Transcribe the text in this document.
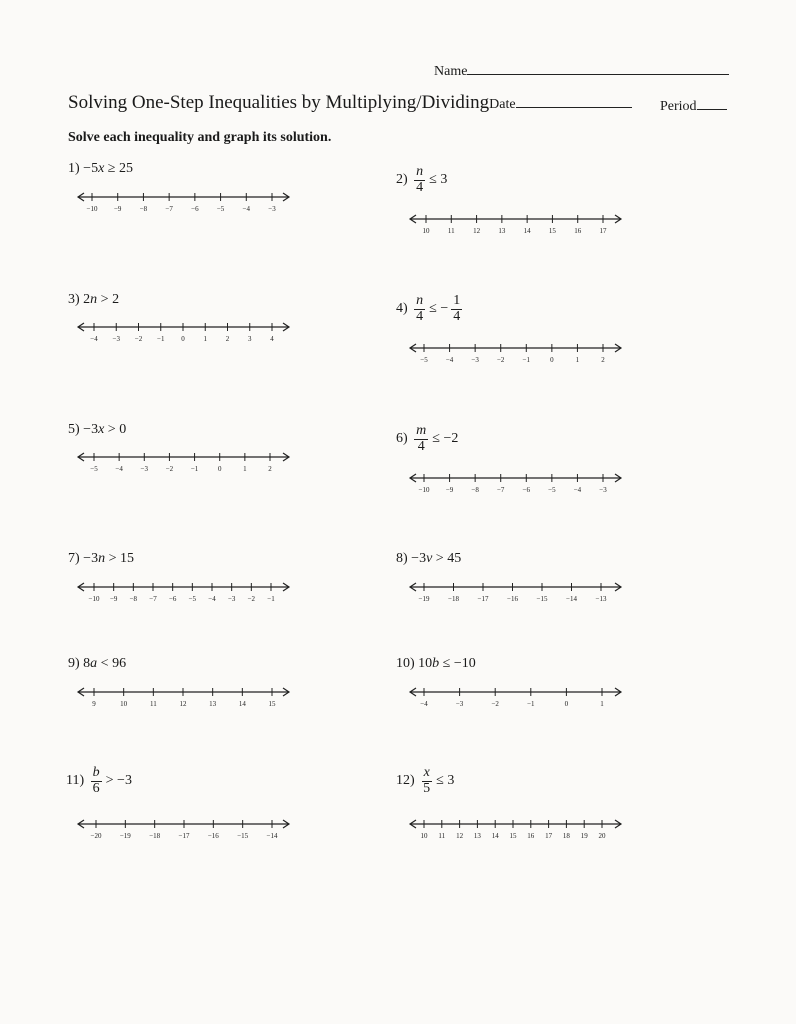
Name
Solving One-Step Inequalities by Multiplying/DividingDate	Period
Solve each inequality and graph its solution.
1) −5x ≥ 25
$2) \frac{n}{4} \le 3$
3) 2n > 2
$4) \frac{n}{4}$ ≤ − $\frac{1}{4}$
5) −3x > 0
$6) \frac{m}{4} \le -2$
7) −3n > 15	8) −3v > 45
9) 8a < 96	10) 10b ≤ −10
$11) \frac{b}{6} > -3$	$12) \frac{x}{5} \le 3$
−10 −9	−8	−7	−6	−5	−4	−3
10	11	12	13	14	15	16	17
−4 −3 −2 −1 0	1	2	3	4
−5	−4	−3	−2	−1	0	1	2
−5	−4	−3	−2	−1	0	1	2
−10 −9	−8	−7	−6	−5	−4	−3
−10 −9 −8 −7 −6 −5 −4 −3 −2 −1	−19	−18	−17	−16	−15	−14	−13
9	10	11	12	13	14	15	−4	−3	−2	−1	0	1
−20	−19	−18	−17	−16	−15	−14	10 11 12 13 14 15 16 17 18 19 20
